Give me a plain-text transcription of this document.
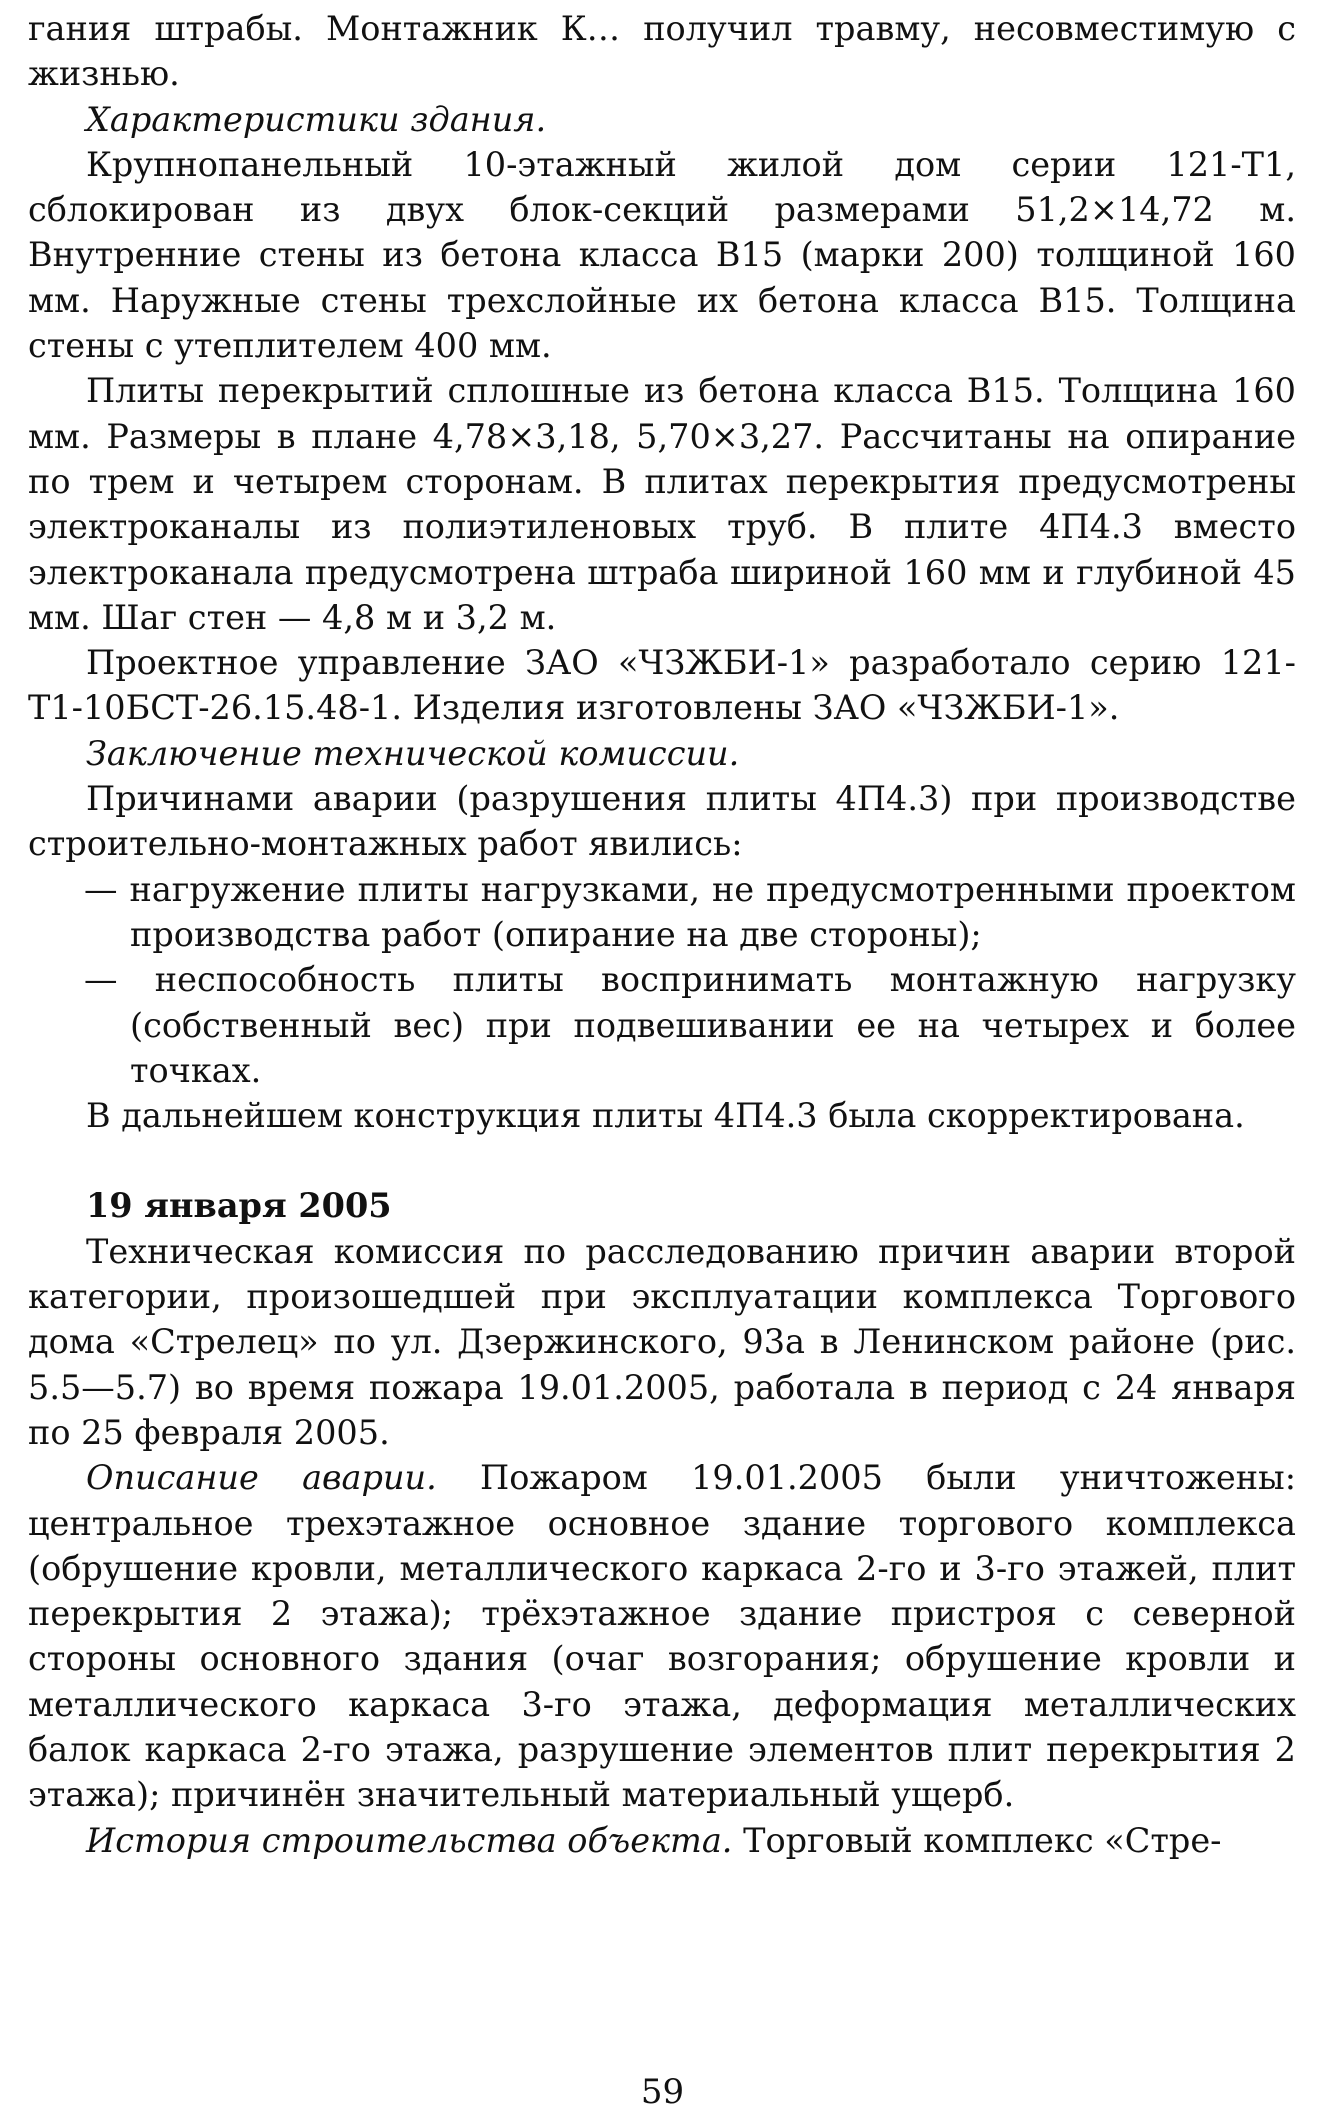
гания штрабы. Монтажник К… получил травму, несовместимую с жизнью.

Характеристики здания.

Крупнопанельный 10-этажный жилой дом серии 121-Т1, сблокирован из двух блок-секций размерами 51,2×14,72 м. Внутренние стены из бетона класса В15 (марки 200) толщиной 160 мм. Наружные стены трехслойные их бетона класса В15. Толщина стены с утеплителем 400 мм.

Плиты перекрытий сплошные из бетона класса В15. Толщина 160 мм. Размеры в плане 4,78×3,18, 5,70×3,27. Рассчитаны на опирание по трем и четырем сторонам. В плитах перекрытия предусмотрены электроканалы из полиэтиленовых труб. В плите 4П4.3 вместо электроканала предусмотрена штраба шириной 160 мм и глубиной 45 мм. Шаг стен — 4,8 м и 3,2 м.

Проектное управление ЗАО «ЧЗЖБИ-1» разработало серию 121-Т1-10БСТ-26.15.48-1. Изделия изготовлены ЗАО «ЧЗЖБИ-1».

Заключение технической комиссии.

Причинами аварии (разрушения плиты 4П4.3) при производстве строительно-монтажных работ явились:

— нагружение плиты нагрузками, не предусмотренными проектом производства работ (опирание на две стороны);

— неспособность плиты воспринимать монтажную нагрузку (собственный вес) при подвешивании ее на четырех и более точках.

В дальнейшем конструкция плиты 4П4.3 была скорректирована.

19 января 2005

Техническая комиссия по расследованию причин аварии второй категории, произошедшей при эксплуатации комплекса Торгового дома «Стрелец» по ул. Дзержинского, 93а в Ленинском районе (рис. 5.5—5.7) во время пожара 19.01.2005, работала в период с 24 января по 25 февраля 2005.

Описание аварии. Пожаром 19.01.2005 были уничтожены: центральное трехэтажное основное здание торгового комплекса (обрушение кровли, металлического каркаса 2-го и 3-го этажей, плит перекрытия 2 этажа); трёхэтажное здание пристроя с северной стороны основного здания (очаг возгорания; обрушение кровли и металлического каркаса 3-го этажа, деформация металлических балок каркаса 2-го этажа, разрушение элементов плит перекрытия 2 этажа); причинён значительный материальный ущерб.

История строительства объекта. Торговый комплекс «Стре-

59
